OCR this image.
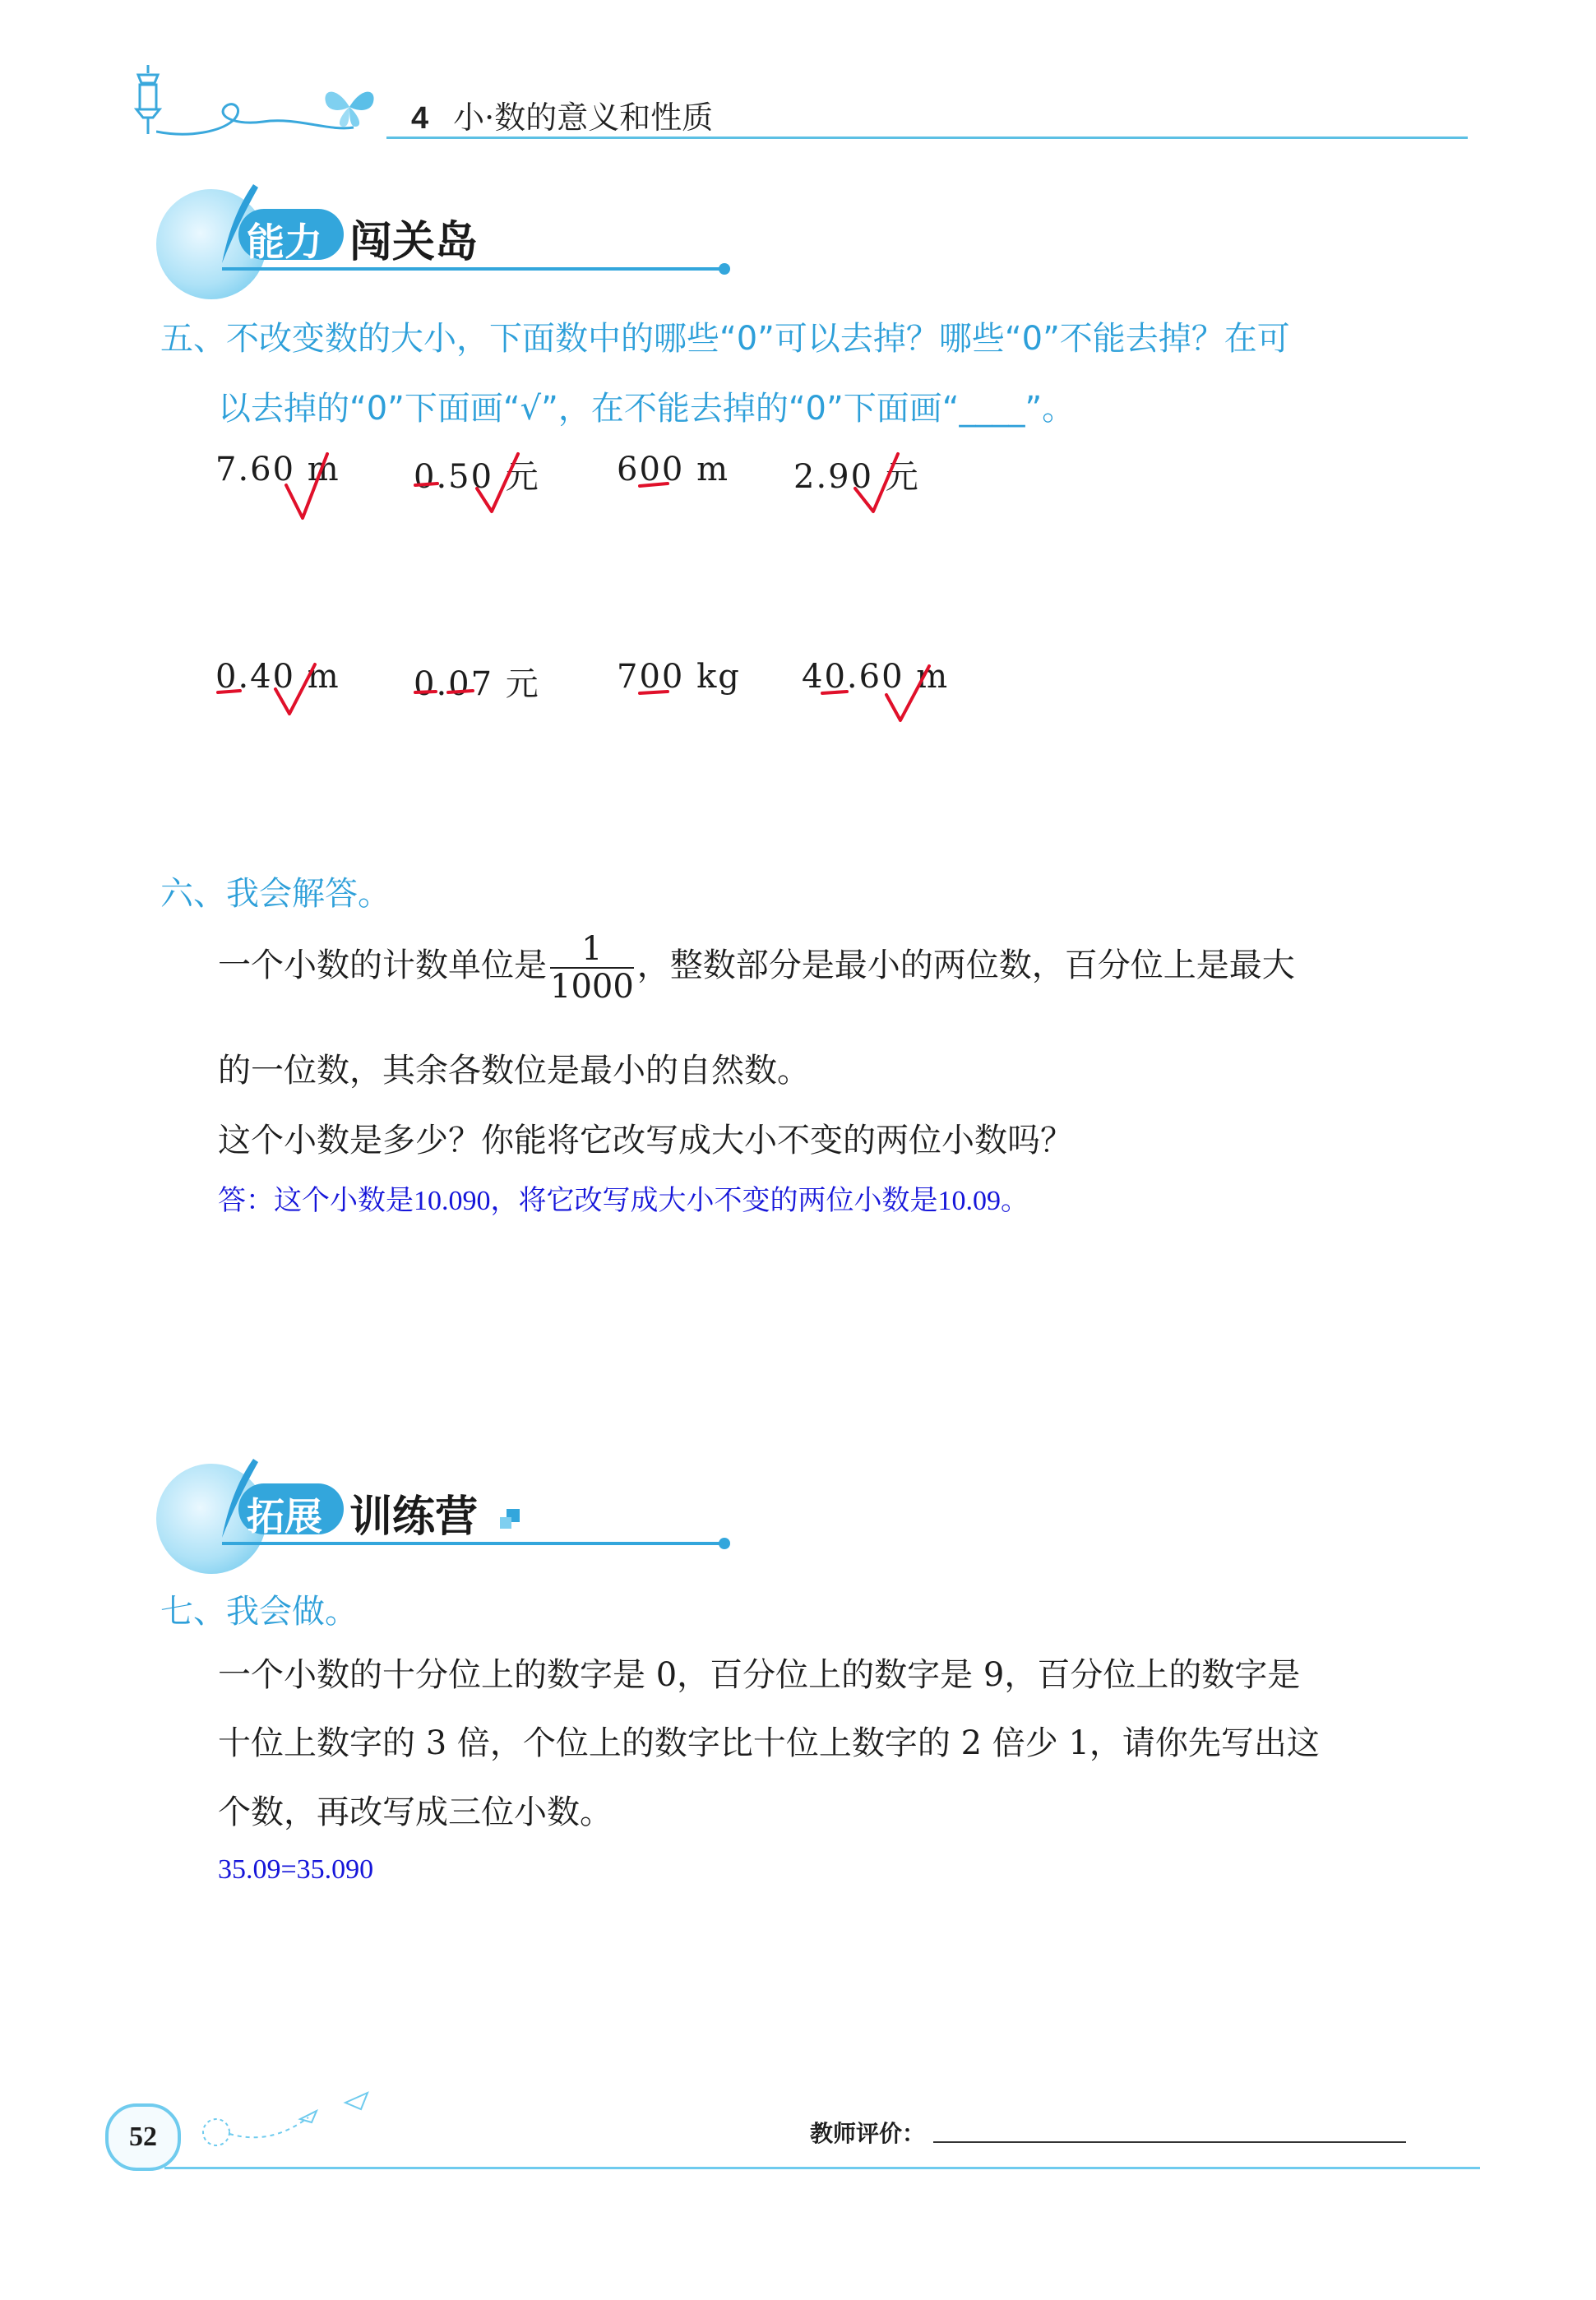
4 小·数的意义和性质
能力 闯关岛
五、不改变数的大小，下面数中的哪些“0”可以去掉？哪些“0”不能去掉？在可
以去掉的“0”下面画“√”，在不能去掉的“0”下面画“____”。
7.60 m 0.50 元 600 m 2.90 元
0.40 m 0.07 元 700 kg 40.60 m
六、我会解答。
一个小数的计数单位是 $\frac{1}{1000}$ ，整数部分是最小的两位数，百分位上是最大
的一位数，其余各数位是最小的自然数。
这个小数是多少？你能将它改写成大小不变的两位小数吗？
答：这个小数是10.090，将它改写成大小不变的两位小数是10.09。
拓展 训练营
七、我会做。
一个小数的十分位上的数字是 0，百分位上的数字是 9，百分位上的数字是
十位上数字的 3 倍，个位上的数字比十位上数字的 2 倍少 1，请你先写出这
个数，再改写成三位小数。
35.09=35.090
52	教师评价：
